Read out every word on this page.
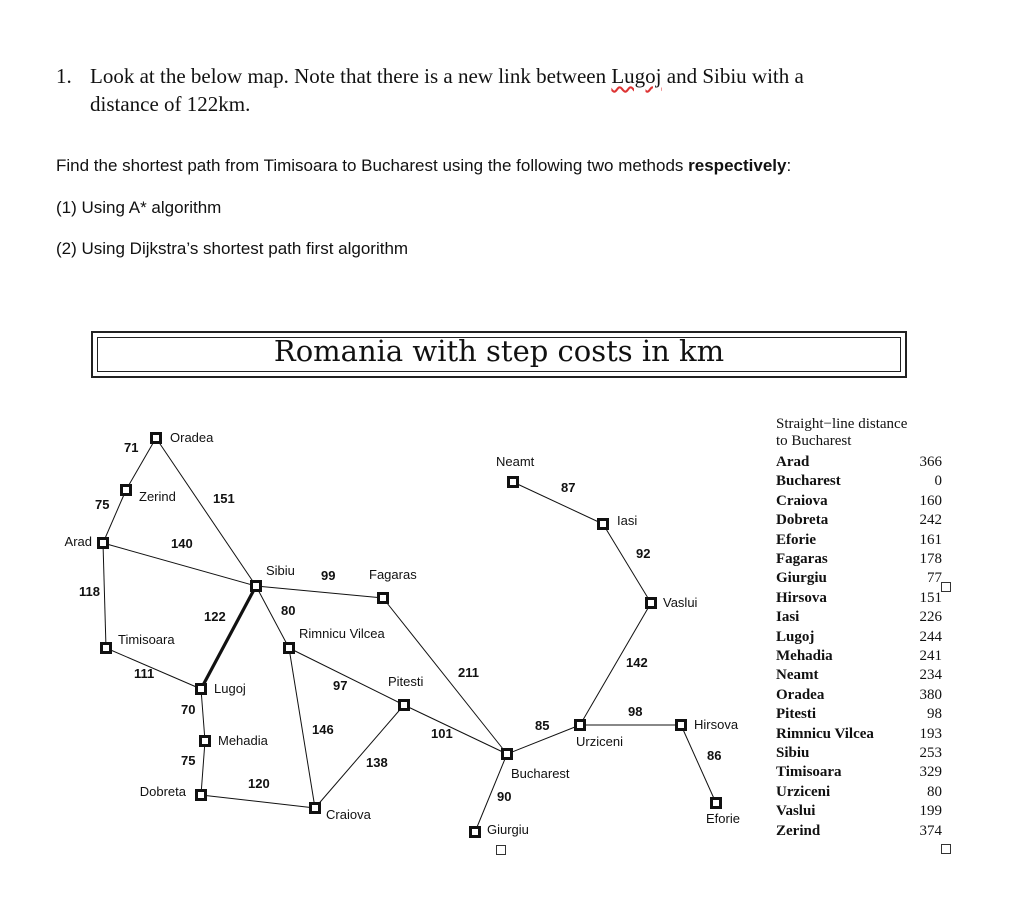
1. Look at the below map. Note that there is a new link between Lugoj and Sibiu with a
distance of 122km.
Find the shortest path from Timisoara to Bucharest using the following two methods respectively:
(1) Using A* algorithm
(2) Using Dijkstra’s shortest path first algorithm
Romania with step costs in km
71
75	151
140
118
111
122
70
75
120
99
80
97
146
138
101
211
90
85
98
86
142
92
87
Oradea
Zerind
Arad
Timisoara
Lugoj
Mehadia
Dobreta
Sibiu	Fagaras
Rimnicu Vilcea
Pitesti
Craiova
Bucharest
Giurgiu
Urziceni
Neamt
Iasi
Vaslui
Hirsova
Eforie
Straight−line distance
to Bucharest
Arad	366
Bucharest	0
Craiova	160
Dobreta	242
Eforie	161
Fagaras	178
Giurgiu	77
Hirsova	151
Iasi	226
Lugoj	244
Mehadia	241
Neamt	234
Oradea	380
Pitesti	98
Rimnicu Vilcea	193
Sibiu	253
Timisoara	329
Urziceni	80
Vaslui	199
Zerind	374
